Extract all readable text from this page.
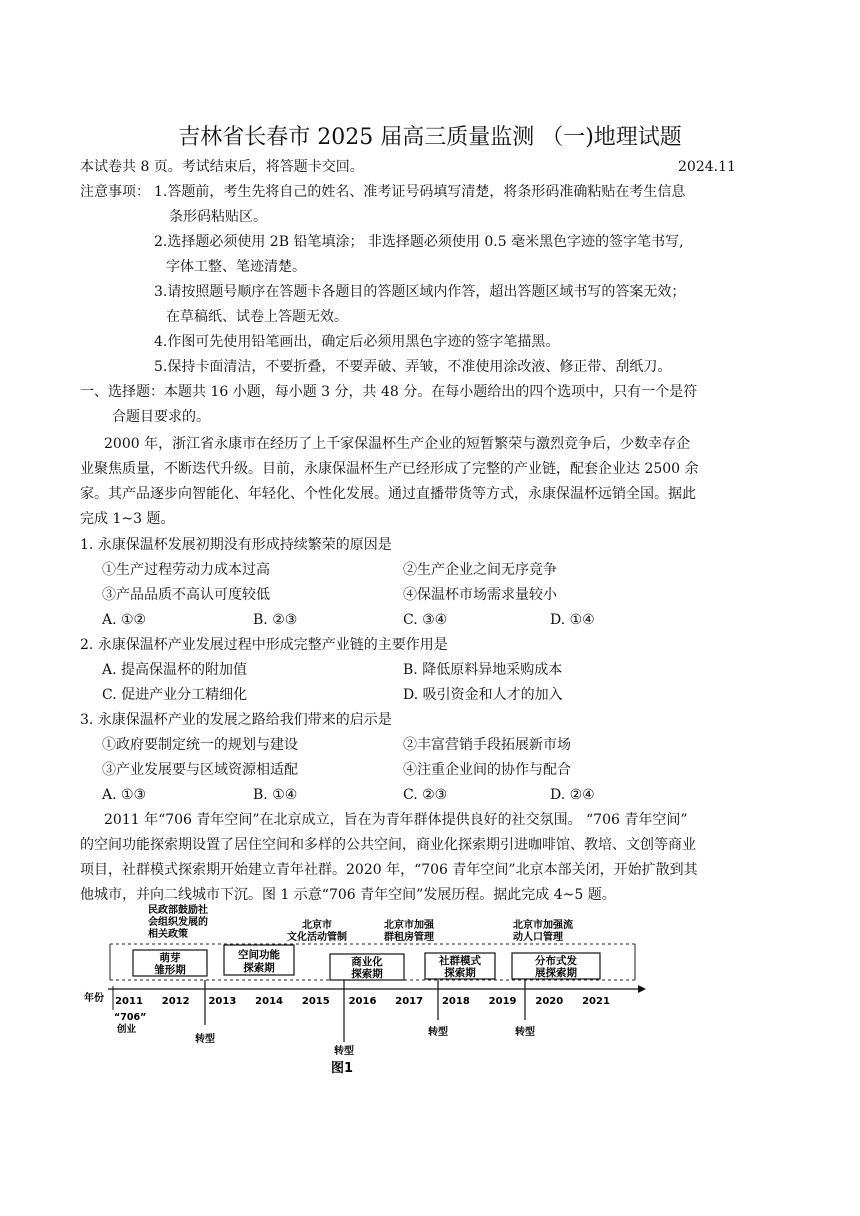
吉林省长春市 2025 届高三质量监测 （一)地理试题
本试卷共 8 页。考试结束后，将答题卡交回。	2024.11
注意事项： 1.答题前，考生先将自己的姓名、准考证号码填写清楚，将条形码准确粘贴在考生信息
条形码粘贴区。
2.选择题必须使用 2B 铅笔填涂； 非选择题必须使用 0.5 毫米黑色字迹的签字笔书写,
字体工整、笔迹清楚。
3.请按照题号顺序在答题卡各题目的答题区域内作答，超出答题区域书写的答案无效；
在草稿纸、试卷上答题无效。
4.作图可先使用铅笔画出，确定后必须用黑色字迹的签字笔描黑。
5.保持卡面清洁，不要折叠，不要弄破、弄皱，不准使用涂改液、修正带、刮纸刀。
一、选择题：本题共 16 小题，每小题 3 分，共 48 分。在每小题给出的四个选项中，只有一个是符
合题目要求的。
2000 年，浙江省永康市在经历了上千家保温杯生产企业的短暂繁荣与激烈竞争后，少数幸存企
业聚焦质量，不断迭代升级。目前，永康保温杯生产已经形成了完整的产业链，配套企业达 2500 余
家。其产品逐步向智能化、年轻化、个性化发展。通过直播带货等方式，永康保温杯远销全国。据此
完成 1~3 题。
1. 永康保温杯发展初期没有形成持续繁荣的原因是
①生产过程劳动力成本过高	②生产企业之间无序竞争
③产品品质不高认可度较低	④保温杯市场需求量较小
A. ①②	B. ②③	C. ③④	D. ①④
2. 永康保温杯产业发展过程中形成完整产业链的主要作用是
A. 提高保温杯的附加值	B. 降低原料异地采购成本
C. 促进产业分工精细化	D. 吸引资金和人才的加入
3. 永康保温杯产业的发展之路给我们带来的启示是
①政府要制定统一的规划与建设	②丰富营销手段拓展新市场
③产业发展要与区域资源相适配	④注重企业间的协作与配合
A. ①③	B. ①④	C. ②③	D. ②④
2011 年“706 青年空间”在北京成立，旨在为青年群体提供良好的社交氛围。 “706 青年空间”
的空间功能探索期设置了居住空间和多样的公共空间，商业化探索期引进咖啡馆、教培、文创等商业
项目，社群模式探索期开始建立青年社群。2020 年，“706 青年空间”北京本部关闭，开始扩散到其
他城市，并向二线城市下沉。图 1 示意“706 青年空间”发展历程。据此完成 4~5 题。
萌芽
雏形期
空间功能
探索期	商业化
探索期
社群模式
探索期
分布式发
展探索期
民政部鼓励社
会组织发展的
相关政策
北京市
文化活动管制
北京市加强
群租房管理
北京市加强流
动人口管理
年份 2011 2012 2013 2014 2015 2016 2017 2018 2019 2020 2021
“706”
创业
转型
转型
转型	转型
图1
